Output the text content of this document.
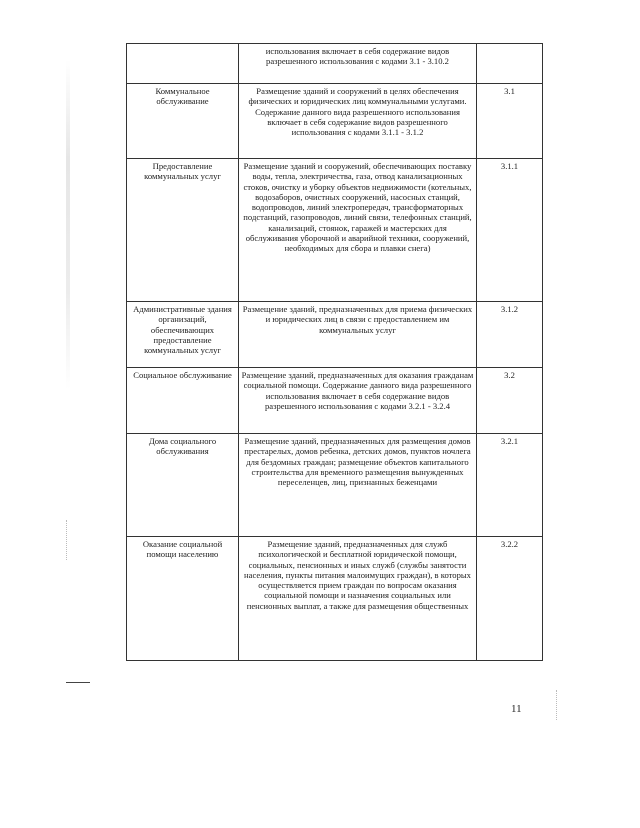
	использования включает в себя содержание видов разрешенного использования с кодами 3.1 - 3.10.2	
Коммунальное обслуживание	Размещение зданий и сооружений в целях обеспечения физических и юридических лиц коммунальными услугами. Содержание данного вида разрешенного использования включает в себя содержание видов разрешенного использования с кодами 3.1.1 - 3.1.2	3.1
Предоставление коммунальных услуг	Размещение зданий и сооружений, обеспечивающих поставку воды, тепла, электричества, газа, отвод канализационных стоков, очистку и уборку объектов недвижимости (котельных, водозаборов, очистных сооружений, насосных станций, водопроводов, линий электропередач, трансформаторных подстанций, газопроводов, линий связи, телефонных станций, канализаций, стоянок, гаражей и мастерских для обслуживания уборочной и аварийной техники, сооружений, необходимых для сбора и плавки снега)	3.1.1
Административные здания организаций, обеспечивающих предоставление коммунальных услуг	Размещение зданий, предназначенных для приема физических и юридических лиц в связи с предоставлением им коммунальных услуг	3.1.2
Социальное обслуживание	Размещение зданий, предназначенных для оказания гражданам социальной помощи. Содержание данного вида разрешенного использования включает в себя содержание видов разрешенного использования с кодами 3.2.1 - 3.2.4	3.2
Дома социального обслуживания	Размещение зданий, предназначенных для размещения домов престарелых, домов ребенка, детских домов, пунктов ночлега для бездомных граждан; размещение объектов капитального строительства для временного размещения вынужденных переселенцев, лиц, признанных беженцами	3.2.1
Оказание социальной помощи населению	Размещение зданий, предназначенных для служб психологической и бесплатной юридической помощи, социальных, пенсионных и иных служб (службы занятости населения, пункты питания малоимущих граждан), в которых осуществляется прием граждан по вопросам оказания социальной помощи и назначения социальных или пенсионных выплат, а также для размещения общественных	3.2.2
11
